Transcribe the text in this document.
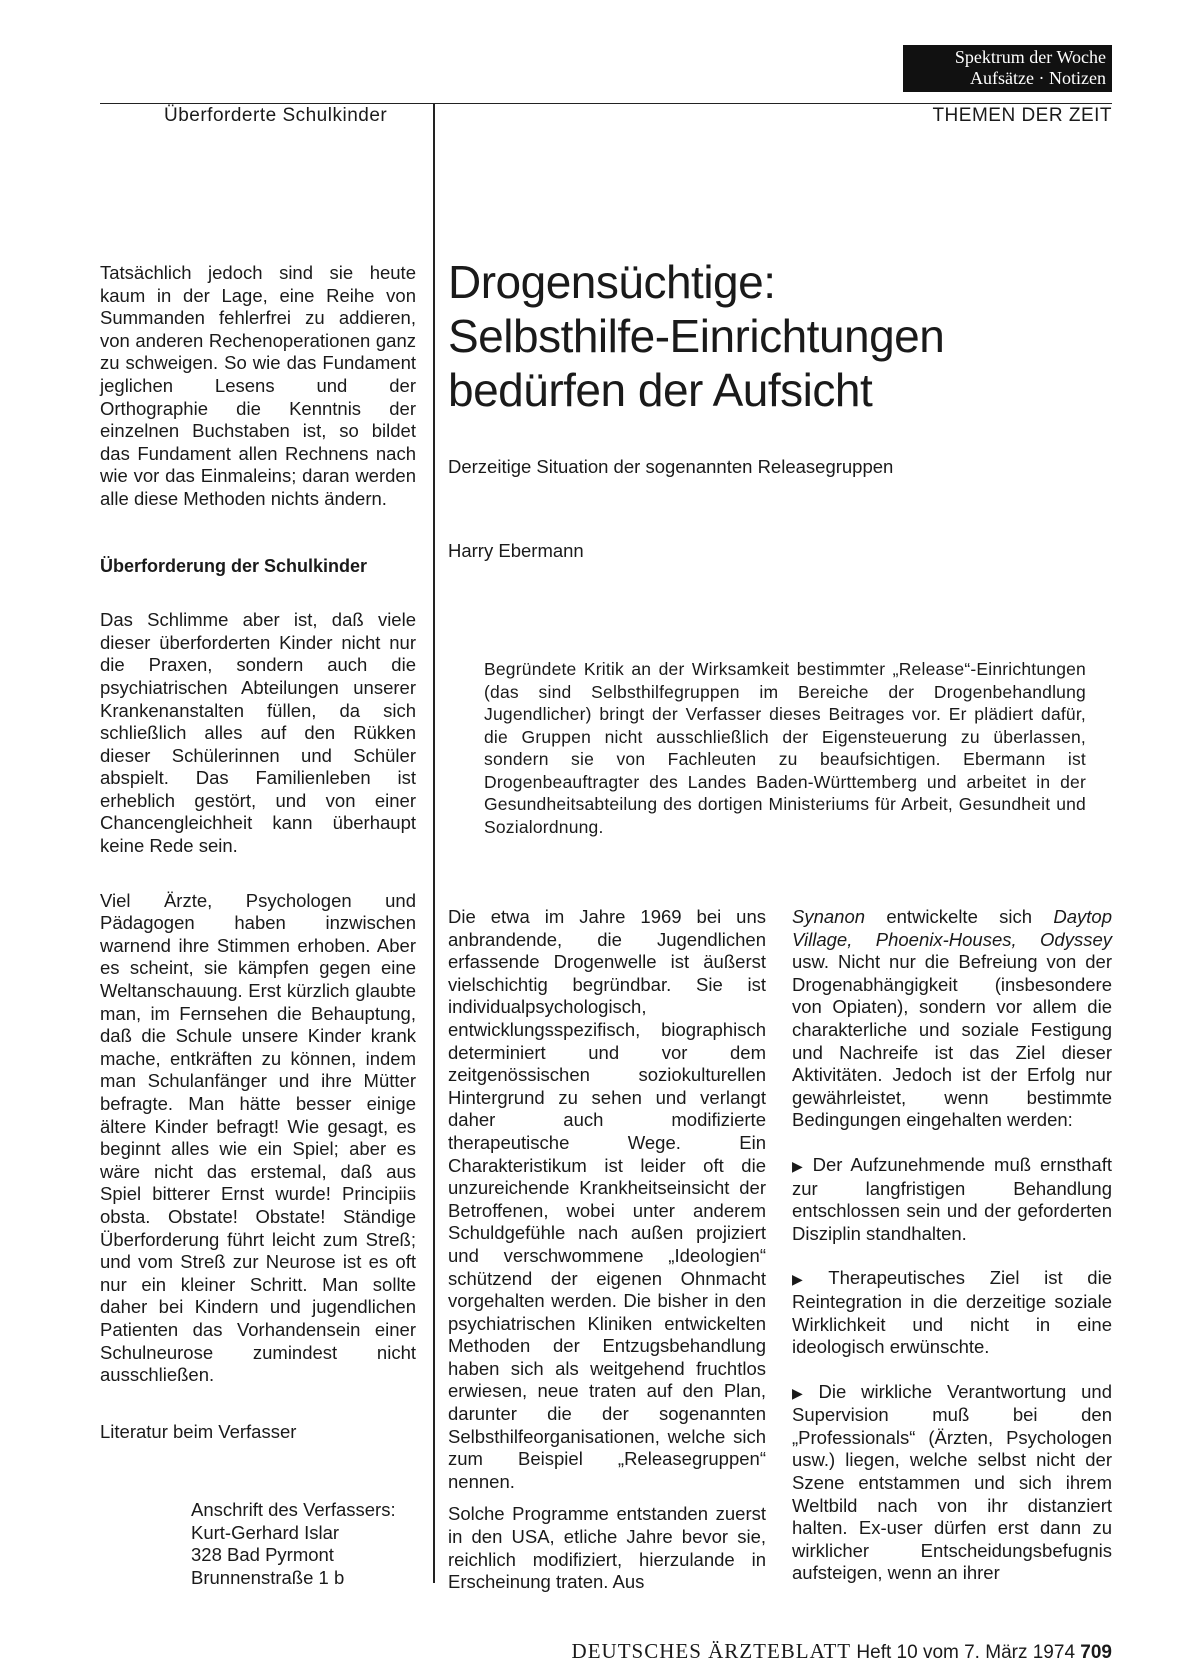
Spektrum der Woche
Aufsätze · Notizen
Überforderte Schulkinder	THEMEN DER ZEIT

Tatsächlich jedoch sind sie heute kaum in der Lage, eine Reihe von Summanden fehlerfrei zu addieren, von anderen Rechenoperationen ganz zu schweigen. So wie das Fundament jeglichen Lesens und der Orthographie die Kenntnis der einzelnen Buchstaben ist, so bildet das Fundament allen Rechnens nach wie vor das Einmaleins; daran werden alle diese Methoden nichts ändern.

Überforderung der Schulkinder

Das Schlimme aber ist, daß viele dieser überforderten Kinder nicht nur die Praxen, sondern auch die psychiatrischen Abteilungen unserer Krankenanstalten füllen, da sich schließlich alles auf den Rükken dieser Schülerinnen und Schüler abspielt. Das Familienleben ist erheblich gestört, und von einer Chancengleichheit kann überhaupt keine Rede sein.

Viel Ärzte, Psychologen und Pädagogen haben inzwischen warnend ihre Stimmen erhoben. Aber es scheint, sie kämpfen gegen eine Weltanschauung. Erst kürzlich glaubte man, im Fernsehen die Behauptung, daß die Schule unsere Kinder krank mache, entkräften zu können, indem man Schulanfänger und ihre Mütter befragte. Man hätte besser einige ältere Kinder befragt! Wie gesagt, es beginnt alles wie ein Spiel; aber es wäre nicht das erstemal, daß aus Spiel bitterer Ernst wurde! Principiis obsta. Obstate! Obstate! Ständige Überforderung führt leicht zum Streß; und vom Streß zur Neurose ist es oft nur ein kleiner Schritt. Man sollte daher bei Kindern und jugendlichen Patienten das Vorhandensein einer Schulneurose zumindest nicht ausschließen.

Literatur beim Verfasser

Anschrift des Verfassers:
Kurt-Gerhard Islar
328 Bad Pyrmont
Brunnenstraße 1 b
Drogensüchtige:
Selbsthilfe-Einrichtungen
bedürfen der Aufsicht
Derzeitige Situation der sogenannten Releasegruppen
Harry Ebermann
Begründete Kritik an der Wirksamkeit bestimmter „Release“-Einrichtungen (das sind Selbsthilfegruppen im Bereiche der Drogenbehandlung Jugendlicher) bringt der Verfasser dieses Beitrages vor. Er plädiert dafür, die Gruppen nicht ausschließlich der Eigensteuerung zu überlassen, sondern sie von Fachleuten zu beaufsichtigen. Ebermann ist Drogenbeauftragter des Landes Baden-Württemberg und arbeitet in der Gesundheitsabteilung des dortigen Ministeriums für Arbeit, Gesundheit und Sozialordnung.

Die etwa im Jahre 1969 bei uns anbrandende, die Jugendlichen erfassende Drogenwelle ist äußerst vielschichtig begründbar. Sie ist individualpsychologisch, entwicklungsspezifisch, biographisch determiniert und vor dem zeitgenössischen soziokulturellen Hintergrund zu sehen und verlangt daher auch modifizierte therapeutische Wege. Ein Charakteristikum ist leider oft die unzureichende Krankheitseinsicht der Betroffenen, wobei unter anderem Schuldgefühle nach außen projiziert und verschwommene „Ideologien“ schützend der eigenen Ohnmacht vorgehalten werden. Die bisher in den psychiatrischen Kliniken entwickelten Methoden der Entzugsbehandlung haben sich als weitgehend fruchtlos erwiesen, neue traten auf den Plan, darunter die der sogenannten Selbsthilfeorganisationen, welche sich zum Beispiel „Releasegruppen“ nennen.

Solche Programme entstanden zuerst in den USA, etliche Jahre bevor sie, reichlich modifiziert, hierzulande in Erscheinung traten. Aus

Synanon entwickelte sich Daytop Village, Phoenix-Houses, Odyssey usw. Nicht nur die Befreiung von der Drogenabhängigkeit (insbesondere von Opiaten), sondern vor allem die charakterliche und soziale Festigung und Nachreife ist das Ziel dieser Aktivitäten. Jedoch ist der Erfolg nur gewährleistet, wenn bestimmte Bedingungen eingehalten werden:

▶ Der Aufzunehmende muß ernsthaft zur langfristigen Behandlung entschlossen sein und der geforderten Disziplin standhalten.

▶ Therapeutisches Ziel ist die Reintegration in die derzeitige soziale Wirklichkeit und nicht in eine ideologisch erwünschte.

▶ Die wirkliche Verantwortung und Supervision muß bei den „Professionals“ (Ärzten, Psychologen usw.) liegen, welche selbst nicht der Szene entstammen und sich ihrem Weltbild nach von ihr distanziert halten. Ex-user dürfen erst dann zu wirklicher Entscheidungsbefugnis aufsteigen, wenn an ihrer

DEUTSCHES ÄRZTEBLATT Heft 10 vom 7. März 1974 709
